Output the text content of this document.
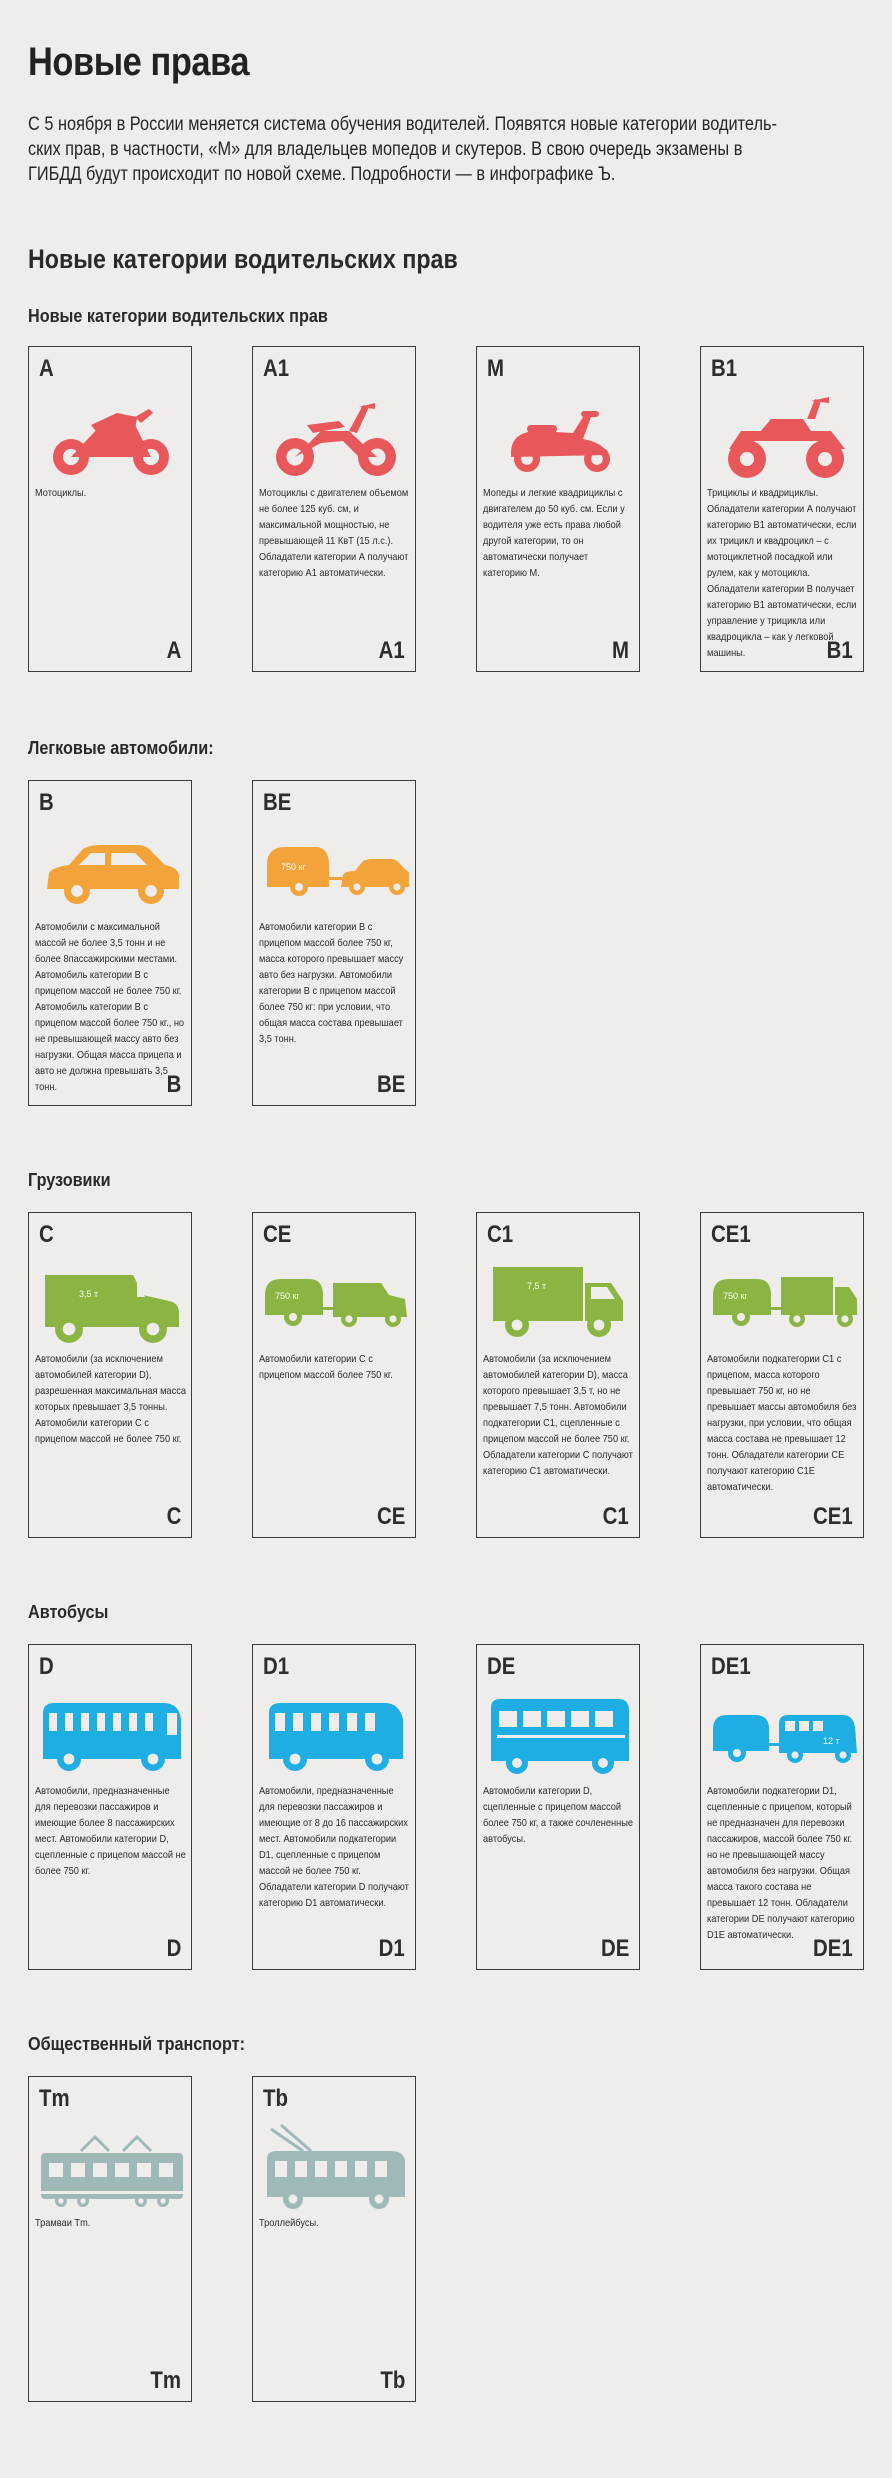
Новые права
С 5 ноября в России меняется система обучения водителей. Появятся новые категории водитель-
ских прав, в частности, «M» для владельцев мопедов и скутеров. В свою очередь экзамены в
ГИБДД будут происходит по новой схеме. Подробности — в инфографике Ъ.
Новые категории водительских прав
Новые категории водительских прав
A
Мотоциклы.
A
A1
Мотоциклы с двигателем объемом не более 125 куб. см, и максимальной мощностью, не превышающей 11 КвТ (15 л.с.). Обладатели категории А получают категорию А1 автоматически.
A1
M
Мопеды и легкие квадрициклы с двигателем до 50 куб. см. Если у водителя уже есть права любой другой категории, то он автоматически получает категорию М.
M
B1
Трициклы и квадрициклы. Обладатели категории А получают категорию В1 автоматически, если их трицикл и квадроцикл – с мотоциклетной посадкой или рулем, как у мотоцикла. Обладатели категории В получает категорию В1 автоматически, если управление у трицикла или квадроцикла – как у легковой машины.	B1
Легковые автомобили:
B
Автомобили с максимальной массой не более 3,5 тонн и не более 8пассажирскими местами. Автомобиль категории В с прицепом массой не более 750 кг. Автомобиль категории В с прицепом массой более 750 кг., но не превышающей массу авто без нагрузки. Общая масса прицепа и авто не должна превышать 3,5 тонн.	B
BE
750 кг
Автомобили категории В с прицепом массой более 750 кг, масса которого превышает массу авто без нагрузки. Автомобили категории В с прицепом массой более 750 кг: при условии, что общая масса состава превышает 3,5 тонн.
BE
Грузовики
C
3,5 т
Автомобили (за исключением автомобилей категории D), разрешенная максимальная масса которых превышает 3,5 тонны. Автомобили категории С с прицепом массой не более 750 кг.
C
CE
750 кг
Автомобили категории С с прицепом массой более 750 кг.
CE
C1
7,5 т
Автомобили (за исключением автомобилей категории D), масса которого превышает 3,5 т, но не превышает 7,5 тонн. Автомобили подкатегории С1, сцепленные с прицепом массой не более 750 кг. Обладатели категории С получают категорию С1 автоматически.
C1
CE1
750 кг
Автомобили подкатегории С1 с прицепом, масса которого превышает 750 кг, но не превышает массы автомобиля без нагрузки, при условии, что общая масса состава не превышает 12 тонн. Обладатели категории СЕ получают категорию С1Е автоматически.
CE1
Автобусы
D
Автомобили, предназначенные для перевозки пассажиров и имеющие более 8 пассажирских мест. Автомобили категории D, сцепленные с прицепом массой не более 750 кг.
D
D1
Автомобили, предназначенные для перевозки пассажиров и имеющие от 8 до 16 пассажирских мест. Автомобили подкатегории D1, сцепленные с прицепом массой не более 750 кг. Обладатели категории D получают категорию D1 автоматически.
D1
DE
Автомобили категории D, сцепленные с прицепом массой более 750 кг, а также сочлененные автобусы.
DE
DE1
12 т
Автомобили подкатегории D1, сцепленные с прицепом, который не предназначен для перевозки пассажиров, массой более 750 кг. но не превышающей массу автомобиля без нагрузки. Общая масса такого состава не превышает 12 тонн. Обладатели категории DE получают категорию D1E автоматически. DE1
Общественный транспорт:
Tm
Трамваи Tm.
Tm
Tb
Троллейбусы.
Tb
